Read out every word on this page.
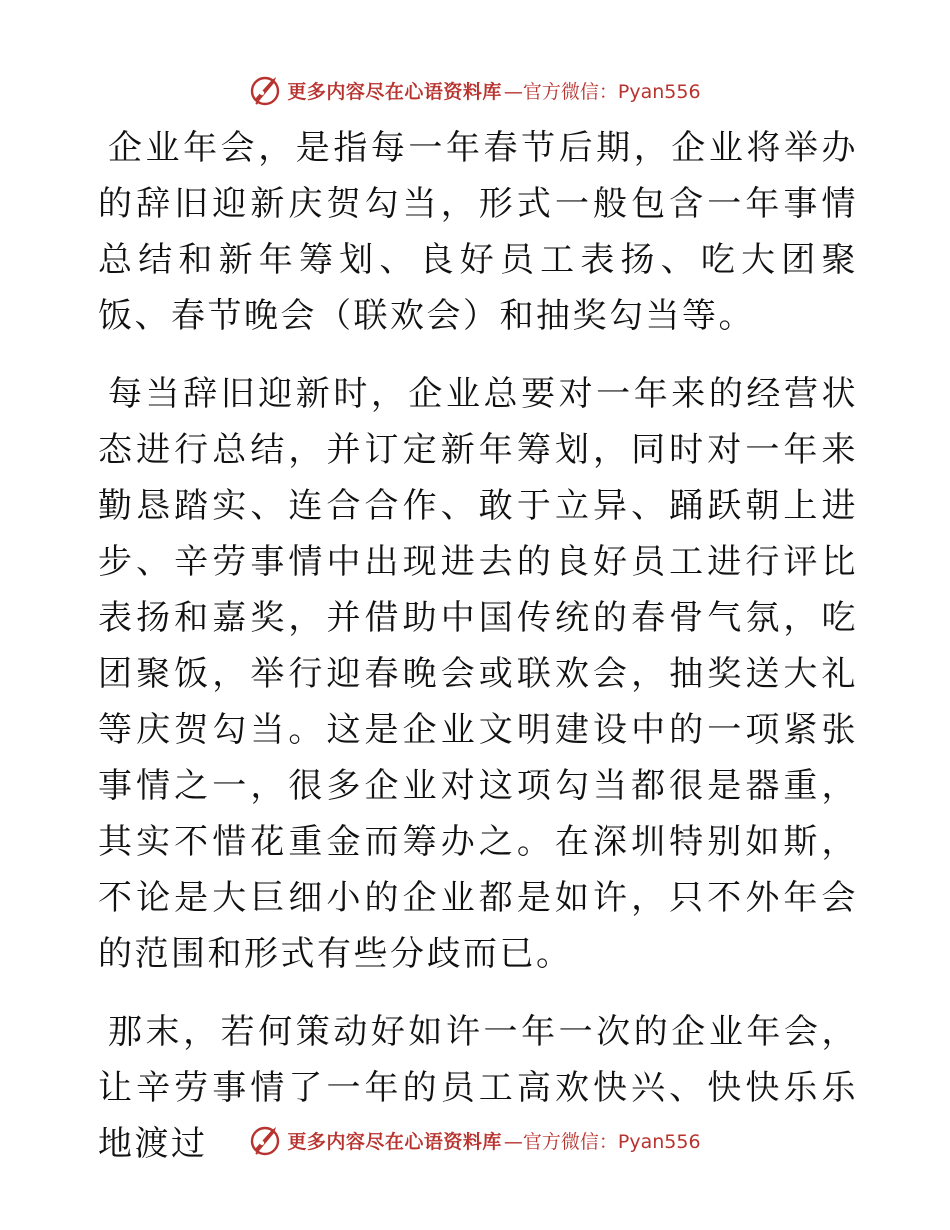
更多内容尽在心语资料库 —官方微信：Pyan556

企业年会，是指每一年春节后期，企业将举办的辞旧迎新庆贺勾当，形式一般包含一年事情总结和新年筹划、良好员工表扬、吃大团聚饭、春节晚会（联欢会）和抽奖勾当等。

每当辞旧迎新时，企业总要对一年来的经营状态进行总结，并订定新年筹划，同时对一年来勤恳踏实、连合合作、敢于立异、踊跃朝上进步、辛劳事情中出现进去的良好员工进行评比表扬和嘉奖，并借助中国传统的春骨气氛，吃团聚饭，举行迎春晚会或联欢会，抽奖送大礼等庆贺勾当。这是企业文明建设中的一项紧张事情之一，很多企业对这项勾当都很是器重，其实不惜花重金而筹办之。在深圳特别如斯，不论是大巨细小的企业都是如许，只不外年会的范围和形式有些分歧而已。

那末，若何策动好如许一年一次的企业年会，让辛劳事情了一年的员工高欢快兴、快快乐乐地渡过	更多内容尽在心语资料库 —官方微信：Pyan556
